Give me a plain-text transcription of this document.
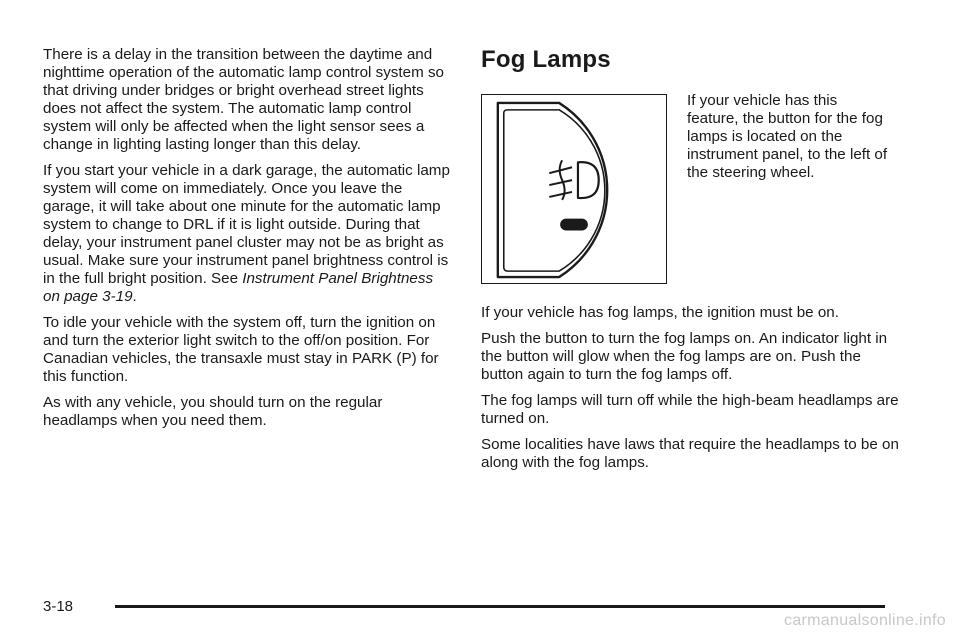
There is a delay in the transition between the daytime and nighttime operation of the automatic lamp control system so that driving under bridges or bright overhead street lights does not affect the system. The automatic lamp control system will only be affected when the light sensor sees a change in lighting lasting longer than this delay.

If you start your vehicle in a dark garage, the automatic lamp system will come on immediately. Once you leave the garage, it will take about one minute for the automatic lamp system to change to DRL if it is light outside. During that delay, your instrument panel cluster may not be as bright as usual. Make sure your instrument panel brightness control is in the full bright position. See Instrument Panel Brightness on page 3-19.

To idle your vehicle with the system off, turn the ignition on and turn the exterior light switch to the off/on position. For Canadian vehicles, the transaxle must stay in PARK (P) for this function.

As with any vehicle, you should turn on the regular headlamps when you need them.

Fog Lamps
If your vehicle has this feature, the button for the fog lamps is located on the instrument panel, to the left of the steering wheel.

If your vehicle has fog lamps, the ignition must be on.

Push the button to turn the fog lamps on. An indicator light in the button will glow when the fog lamps are on. Push the button again to turn the fog lamps off.

The fog lamps will turn off while the high-beam headlamps are turned on.

Some localities have laws that require the headlamps to be on along with the fog lamps.

3-18
carmanualsonline.info
